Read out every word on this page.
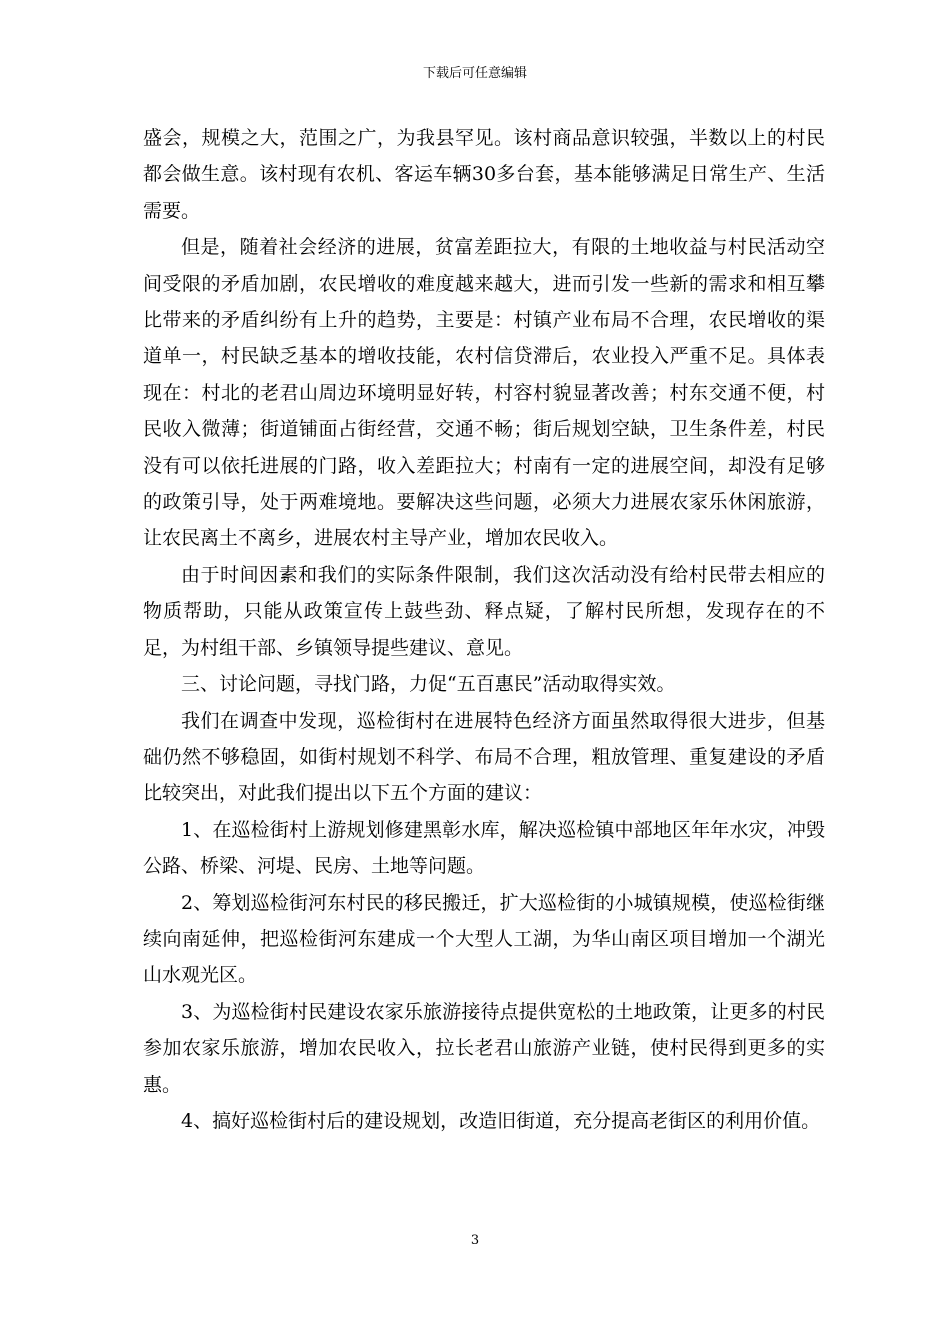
下载后可任意编辑

盛会，规模之大，范围之广，为我县罕见。该村商品意识较强，半数以上的村民都会做生意。该村现有农机、客运车辆30多台套，基本能够满足日常生产、生活需要。

但是，随着社会经济的进展，贫富差距拉大，有限的土地收益与村民活动空间受限的矛盾加剧，农民增收的难度越来越大，进而引发一些新的需求和相互攀比带来的矛盾纠纷有上升的趋势，主要是：村镇产业布局不合理，农民增收的渠道单一，村民缺乏基本的增收技能，农村信贷滞后，农业投入严重不足。具体表现在：村北的老君山周边环境明显好转，村容村貌显著改善；村东交通不便，村民收入微薄；街道铺面占街经营，交通不畅；街后规划空缺，卫生条件差，村民没有可以依托进展的门路，收入差距拉大；村南有一定的进展空间，却没有足够的政策引导，处于两难境地。要解决这些问题，必须大力进展农家乐休闲旅游，让农民离土不离乡，进展农村主导产业，增加农民收入。

由于时间因素和我们的实际条件限制，我们这次活动没有给村民带去相应的物质帮助，只能从政策宣传上鼓些劲、释点疑，了解村民所想，发现存在的不足，为村组干部、乡镇领导提些建议、意见。

三、讨论问题，寻找门路，力促“五百惠民”活动取得实效。

我们在调查中发现，巡检街村在进展特色经济方面虽然取得很大进步，但基础仍然不够稳固，如街村规划不科学、布局不合理，粗放管理、重复建设的矛盾比较突出，对此我们提出以下五个方面的建议：

1、在巡检街村上游规划修建黑彰水库，解决巡检镇中部地区年年水灾，冲毁公路、桥梁、河堤、民房、土地等问题。

2、筹划巡检街河东村民的移民搬迁，扩大巡检街的小城镇规模，使巡检街继续向南延伸，把巡检街河东建成一个大型人工湖，为华山南区项目增加一个湖光山水观光区。

3、为巡检街村民建设农家乐旅游接待点提供宽松的土地政策，让更多的村民参加农家乐旅游，增加农民收入，拉长老君山旅游产业链，使村民得到更多的实惠。

4、搞好巡检街村后的建设规划，改造旧街道，充分提高老街区的利用价值。

3
